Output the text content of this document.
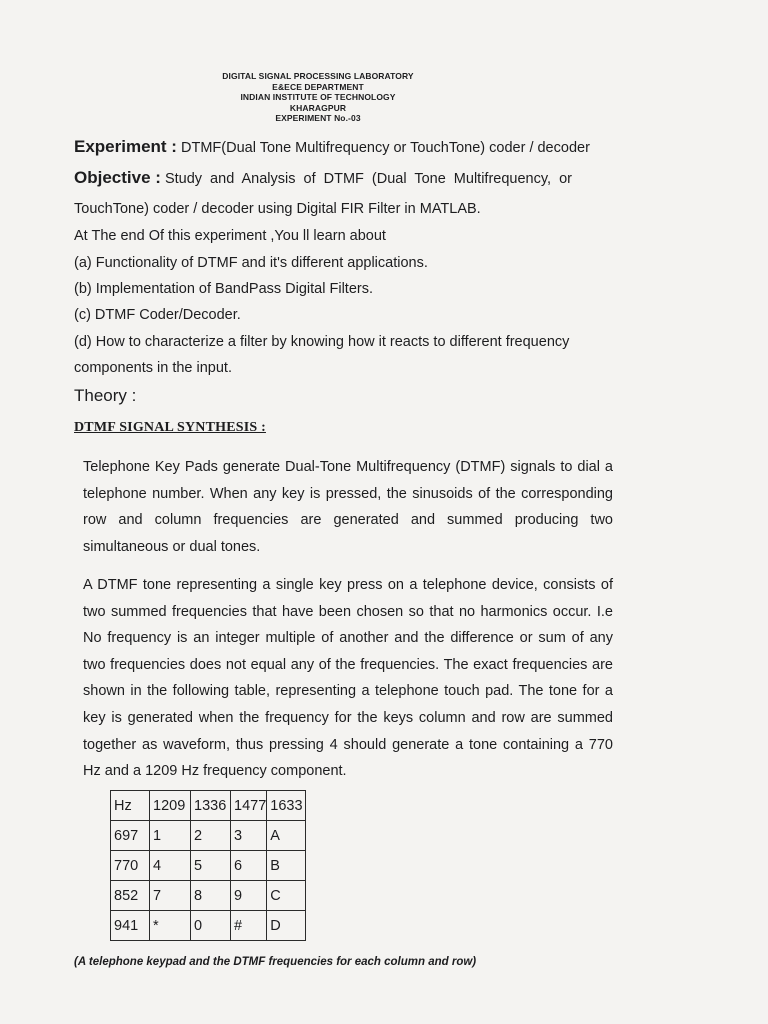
DIGITAL SIGNAL PROCESSING LABORATORY
E&ECE DEPARTMENT
INDIAN INSTITUTE OF TECHNOLOGY
KHARAGPUR
EXPERIMENT No.-03
Experiment : DTMF(Dual Tone Multifrequency or TouchTone) coder / decoder
Objective : Study and Analysis of DTMF (Dual Tone Multifrequency, or
TouchTone) coder / decoder using Digital FIR Filter in MATLAB.
At The end Of this experiment ,You ll learn about
(a) Functionality of DTMF and it's different applications.
(b) Implementation of BandPass Digital Filters.
(c) DTMF Coder/Decoder.
(d) How to characterize a filter by knowing how it reacts to different frequency
components in the input.
Theory :
DTMF SIGNAL SYNTHESIS :
Telephone Key Pads generate Dual-Tone Multifrequency (DTMF) signals to dial a telephone number. When any key is pressed, the sinusoids of the corresponding row and column frequencies are generated and summed producing two simultaneous or dual tones.
A DTMF tone representing a single key press on a telephone device, consists of two summed frequencies that have been chosen so that no harmonics occur. I.e No frequency is an integer multiple of another and the difference or sum of any two frequencies does not equal any of the frequencies. The exact frequencies are shown in the following table, representing a telephone touch pad. The tone for a key is generated when the frequency for the keys column and row are summed together as waveform, thus pressing 4 should generate a tone containing a 770 Hz and a 1209 Hz frequency component.
Hz	1209	1336	1477	1633
697	1	2	3	A
770	4	5	6	B
852	7	8	9	C
941	*	0	#	D
(A telephone keypad and the DTMF frequencies for each column and row)
